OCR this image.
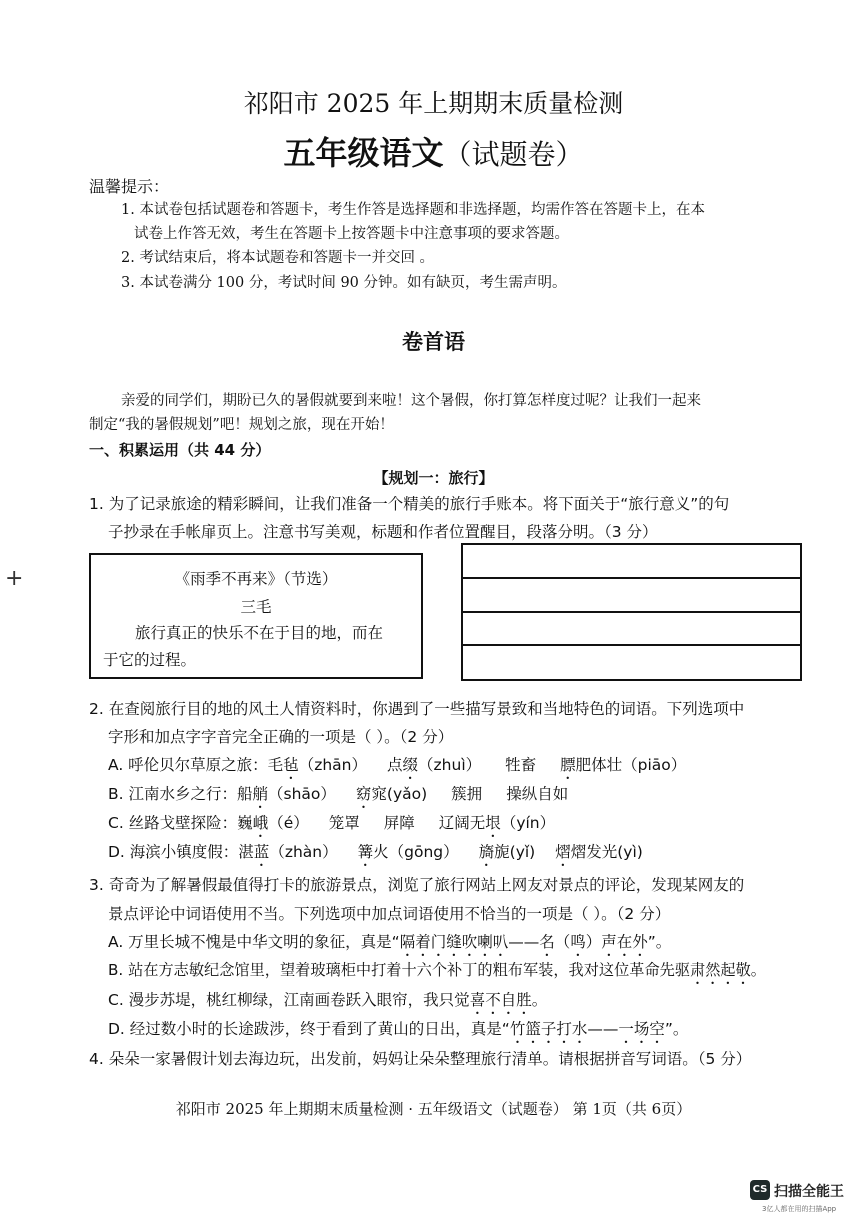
祁阳市 2025 年上期期末质量检测
五年级语文（试题卷）
温馨提示：
1. 本试卷包括试题卷和答题卡，考生作答是选择题和非选择题，均需作答在答题卡上，在本
试卷上作答无效，考生在答题卡上按答题卡中注意事项的要求答题。
2. 考试结束后，将本试题卷和答题卡一并交回 。
3. 本试卷满分 100 分，考试时间 90 分钟。如有缺页，考生需声明。
卷首语
亲爱的同学们，期盼已久的暑假就要到来啦！这个暑假，你打算怎样度过呢？让我们一起来
制定“我的暑假规划”吧！规划之旅，现在开始！
一、积累运用（共 44 分）
【规划一：旅行】
1. 为了记录旅途的精彩瞬间，让我们准备一个精美的旅行手账本。将下面关于“旅行意义”的句
子抄录在手帐扉页上。注意书写美观，标题和作者位置醒目，段落分明。（3 分）
+	《雨季不再来》（节选）
三毛
旅行真正的快乐不在于目的地，而在
于它的过程。
2. 在查阅旅行目的地的风土人情资料时，你遇到了一些描写景致和当地特色的词语。下列选项中
字形和加点字字音完全正确的一项是（ ）。（2 分）
A. 呼伦贝尔草原之旅：毛毡（zhān） 点缀（zhuì） 牲畜 膘肥体壮（piāo）
B. 江南水乡之行：船艄（shāo） 窈窕(yǎo) 簇拥 操纵自如
C. 丝路戈壁探险：巍峨（é） 笼罩 屏障 辽阔无垠（yín）
D. 海滨小镇度假：湛蓝（zhàn） 篝火（gōng） 旖旎(yǐ) 熠熠发光(yì)
3. 奇奇为了解暑假最值得打卡的旅游景点，浏览了旅行网站上网友对景点的评论，发现某网友的
景点评论中词语使用不当。下列选项中加点词语使用不恰当的一项是（ ）。（2 分）
A. 万里长城不愧是中华文明的象征，真是“隔着门缝吹喇叭——名（鸣）声在外”。
B. 站在方志敏纪念馆里，望着玻璃柜中打着十六个补丁的粗布军装，我对这位革命先驱肃然起敬。
C. 漫步苏堤，桃红柳绿，江南画卷跃入眼帘，我只觉喜不自胜。
D. 经过数小时的长途跋涉，终于看到了黄山的日出，真是“竹篮子打水——一场空”。
4. 朵朵一家暑假计划去海边玩，出发前，妈妈让朵朵整理旅行清单。请根据拼音写词语。（5 分）
祁阳市 2025 年上期期末质量检测 · 五年级语文（试题卷） 第 1页（共 6页）
CS 扫描全能王
3亿人都在用的扫描App
